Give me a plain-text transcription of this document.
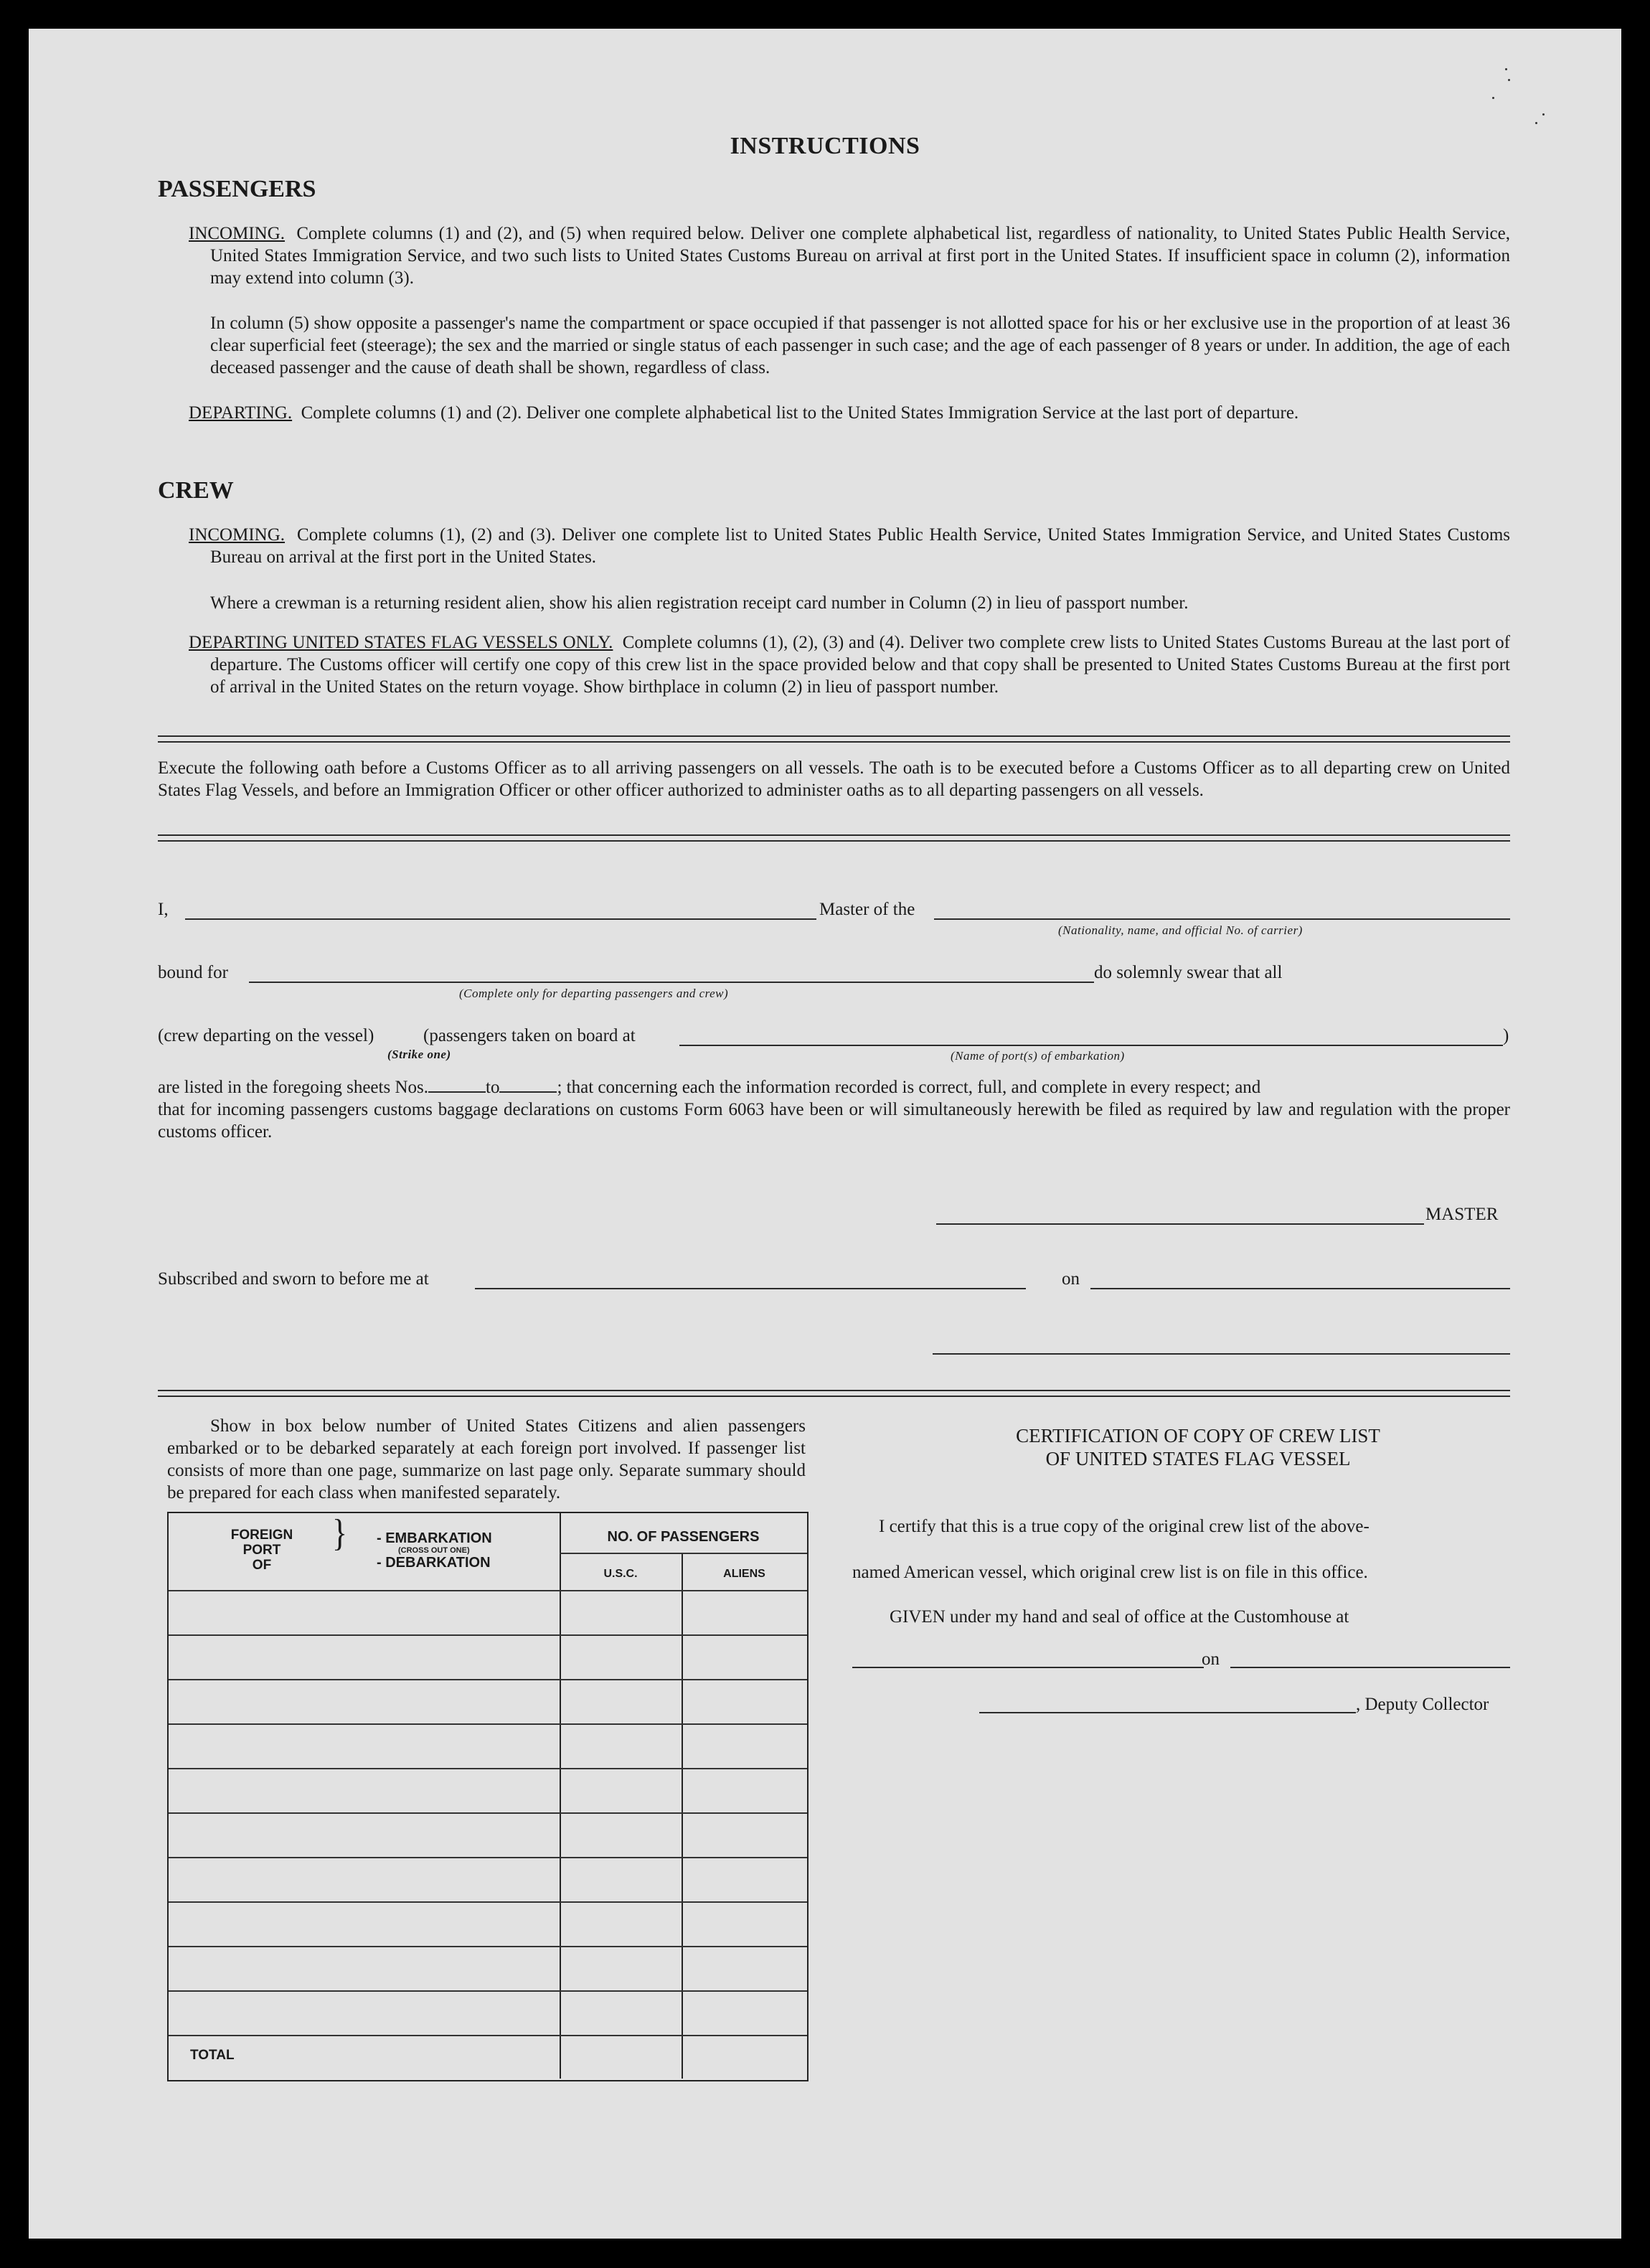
INSTRUCTIONS
PASSENGERS
INCOMING. Complete columns (1) and (2), and (5) when required below. Deliver one complete alphabetical list, regardless of nationality, to United States Public Health Service, United States Immigration Service, and two such lists to United States Customs Bureau on arrival at first port in the United States. If insufficient space in column (2), information may extend into column (3).
In column (5) show opposite a passenger's name the compartment or space occupied if that passenger is not allotted space for his or her exclusive use in the proportion of at least 36 clear superficial feet (steerage); the sex and the married or single status of each passenger in such case; and the age of each passenger of 8 years or under. In addition, the age of each deceased passenger and the cause of death shall be shown, regardless of class.
DEPARTING. Complete columns (1) and (2). Deliver one complete alphabetical list to the United States Immigration Service at the last port of departure.
CREW
INCOMING. Complete columns (1), (2) and (3). Deliver one complete list to United States Public Health Service, United States Immigration Service, and United States Customs Bureau on arrival at the first port in the United States.
Where a crewman is a returning resident alien, show his alien registration receipt card number in Column (2) in lieu of passport number.
DEPARTING UNITED STATES FLAG VESSELS ONLY. Complete columns (1), (2), (3) and (4). Deliver two complete crew lists to United States Customs Bureau at the last port of departure. The Customs officer will certify one copy of this crew list in the space provided below and that copy shall be presented to United States Customs Bureau at the first port of arrival in the United States on the return voyage. Show birthplace in column (2) in lieu of passport number.
Execute the following oath before a Customs Officer as to all arriving passengers on all vessels. The oath is to be executed before a Customs Officer as to all departing crew on United States Flag Vessels, and before an Immigration Officer or other officer authorized to administer oaths as to all departing passengers on all vessels.
I,	Master of the
(Nationality, name, and official No. of carrier)
bound for	do solemnly swear that all
(Complete only for departing passengers and crew)
(crew departing on the vessel)	(passengers taken on board at	)
(Strike one)	(Name of port(s) of embarkation)
are listed in the foregoing sheets Nos.	to	; that concerning each the information recorded is correct, full, and complete in every respect; and
that for incoming passengers customs baggage declarations on customs Form 6063 have been or will simultaneously herewith be filed as required by law and regulation with the proper customs officer.
MASTER
Subscribed and sworn to before me at	on
Show in box below number of United States Citizens and alien passengers embarked or to be debarked separately at each foreign port involved. If passenger list consists of more than one page, summarize on last page only. Separate summary should be prepared for each class when manifested separately.
FOREIGN
PORT
OF
} - EMBARKATION
(CROSS OUT ONE)
- DEBARKATION
NO. OF PASSENGERS
U.S.C.	ALIENS
TOTAL
CERTIFICATION OF COPY OF CREW LIST
OF UNITED STATES FLAG VESSEL
I certify that this is a true copy of the original crew list of the above-
named American vessel, which original crew list is on file in this office.
GIVEN under my hand and seal of office at the Customhouse at
on
, Deputy Collector
